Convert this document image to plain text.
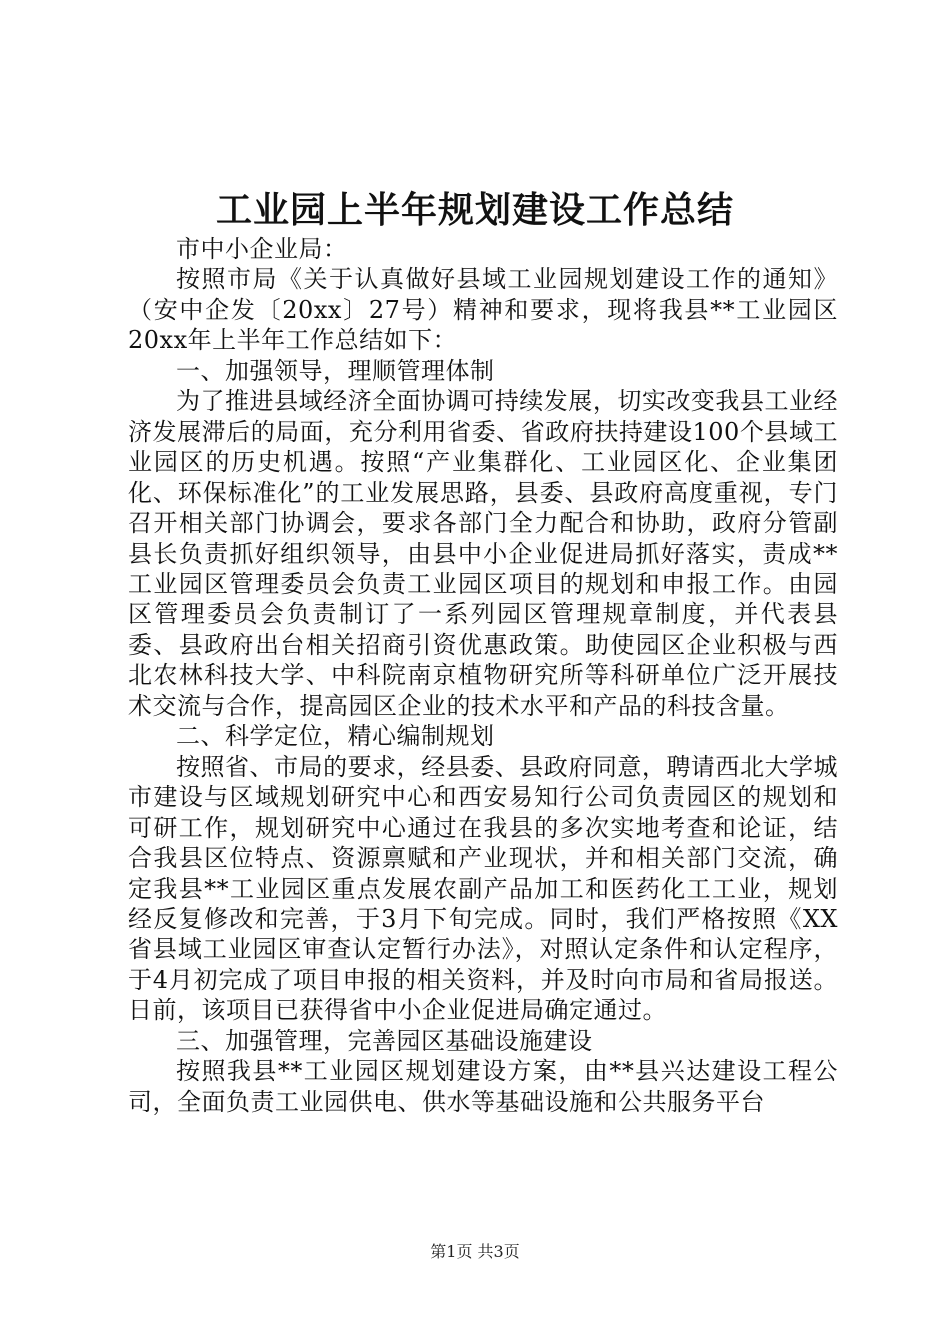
工业园上半年规划建设工作总结

市中小企业局：

按照市局《关于认真做好县域工业园规划建设工作的通知》（安中企发〔20xx〕27号）精神和要求，现将我县**工业园区20xx年上半年工作总结如下：

一、加强领导，理顺管理体制

为了推进县域经济全面协调可持续发展，切实改变我县工业经济发展滞后的局面，充分利用省委、省政府扶持建设100个县域工业园区的历史机遇。按照“产业集群化、工业园区化、企业集团化、环保标准化”的工业发展思路，县委、县政府高度重视，专门召开相关部门协调会，要求各部门全力配合和协助，政府分管副县长负责抓好组织领导，由县中小企业促进局抓好落实，责成**工业园区管理委员会负责工业园区项目的规划和申报工作。由园区管理委员会负责制订了一系列园区管理规章制度，并代表县委、县政府出台相关招商引资优惠政策。助使园区企业积极与西北农林科技大学、中科院南京植物研究所等科研单位广泛开展技术交流与合作，提高园区企业的技术水平和产品的科技含量。

二、科学定位，精心编制规划

按照省、市局的要求，经县委、县政府同意，聘请西北大学城市建设与区域规划研究中心和西安易知行公司负责园区的规划和可研工作，规划研究中心通过在我县的多次实地考查和论证，结合我县区位特点、资源禀赋和产业现状，并和相关部门交流，确定我县**工业园区重点发展农副产品加工和医药化工工业，规划经反复修改和完善，于3月下旬完成。同时，我们严格按照《XX省县域工业园区审查认定暂行办法》，对照认定条件和认定程序，于4月初完成了项目申报的相关资料，并及时向市局和省局报送。日前，该项目已获得省中小企业促进局确定通过。

三、加强管理，完善园区基础设施建设

按照我县**工业园区规划建设方案，由**县兴达建设工程公司，全面负责工业园供电、供水等基础设施和公共服务平台

第1页 共3页
